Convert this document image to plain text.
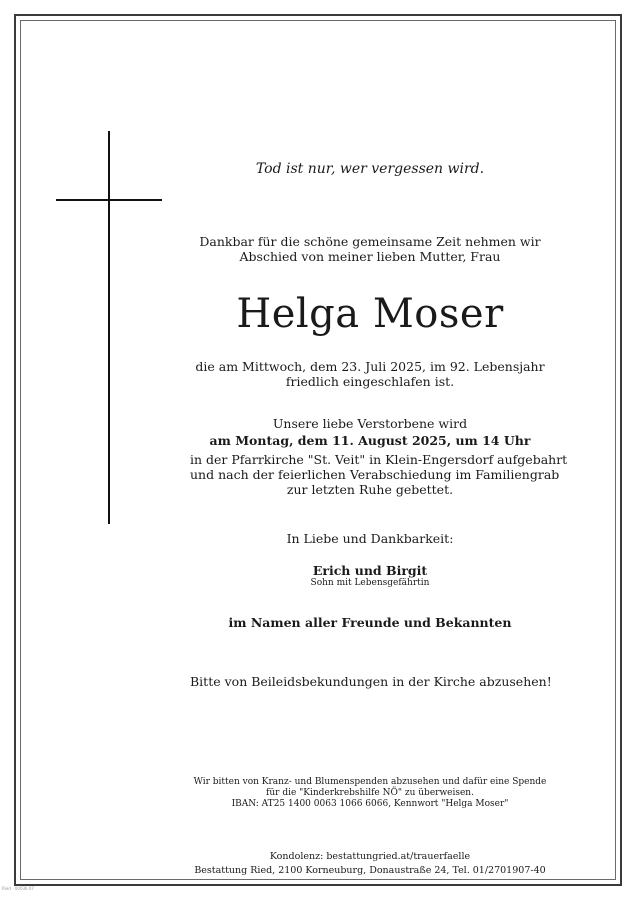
Tod ist nur, wer vergessen wird.
Dankbar für die schöne gemeinsame Zeit nehmen wir
Abschied von meiner lieben Mutter, Frau
Helga Moser
die am Mittwoch, dem 23. Juli 2025, im 92. Lebensjahr
friedlich eingeschlafen ist.
Unsere liebe Verstorbene wird
am Montag, dem 11. August 2025, um 14 Uhr
in der Pfarrkirche "St. Veit" in Klein-Engersdorf aufgebahrt
und nach der feierlichen Verabschiedung im Familiengrab
zur letzten Ruhe gebettet.
In Liebe und Dankbarkeit:
Erich und Birgit
Sohn mit Lebensgefährtin
im Namen aller Freunde und Bekannten
Bitte von Beileidsbekundungen in der Kirche abzusehen!
Wir bitten von Kranz- und Blumenspenden abzusehen und dafür eine Spende
für die "Kinderkrebshilfe NÖ" zu überweisen.
IBAN: AT25 1400 0063 1066 6066, Kennwort "Helga Moser"
Kondolenz: bestattungried.at/trauerfaelle
Bestattung Ried, 2100 Korneuburg, Donaustraße 24, Tel. 01/2701907-40
Ried - 00036 07
